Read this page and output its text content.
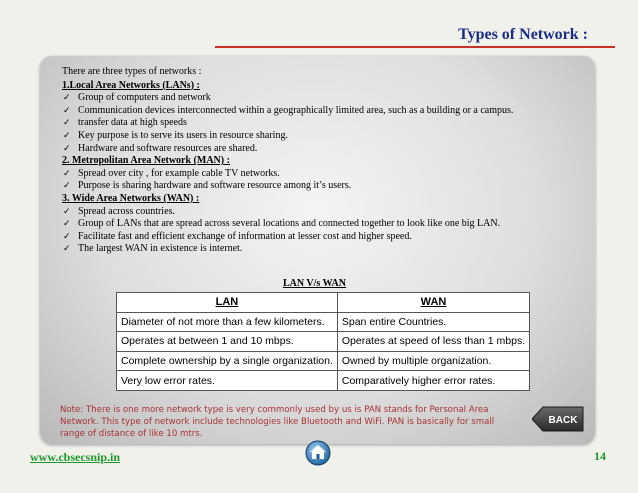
Types of Network :
There are three types of networks :
1.Local Area Networks (LANs) :
✓ Group of computers and network
✓ Communication devices interconnected within a geographically limited area, such as a building or a campus.
✓ transfer data at high speeds
✓ Key purpose is to serve its users in resource sharing.
✓ Hardware and software resources are shared.
2. Metropolitan Area Network (MAN) :
✓ Spread over city , for example cable TV networks.
✓ Purpose is sharing hardware and software resource among it’s users.
3. Wide Area Networks (WAN) :
✓ Spread across countries.
✓ Group of LANs that are spread across several locations and connected together to look like one big LAN.
✓ Facilitate fast and efficient exchange of information at lesser cost and higher speed.
✓ The largest WAN in existence is internet.
LAN V/s WAN
LAN	WAN
Diameter of not more than a few kilometers.	Span entire Countries.
Operates at between 1 and 10 mbps.	Operates at speed of less than 1 mbps.
Complete ownership by a single organization.	Owned by multiple organization.
Very low error rates.	Comparatively higher error rates.
Note: There is one more network type is very commonly used by us is PAN stands for Personal Area Network. This type of network include technologies like Bluetooth and WiFi. PAN is basically for small range of distance of like 10 mtrs.
BACK
www.cbsecsnip.in	14
